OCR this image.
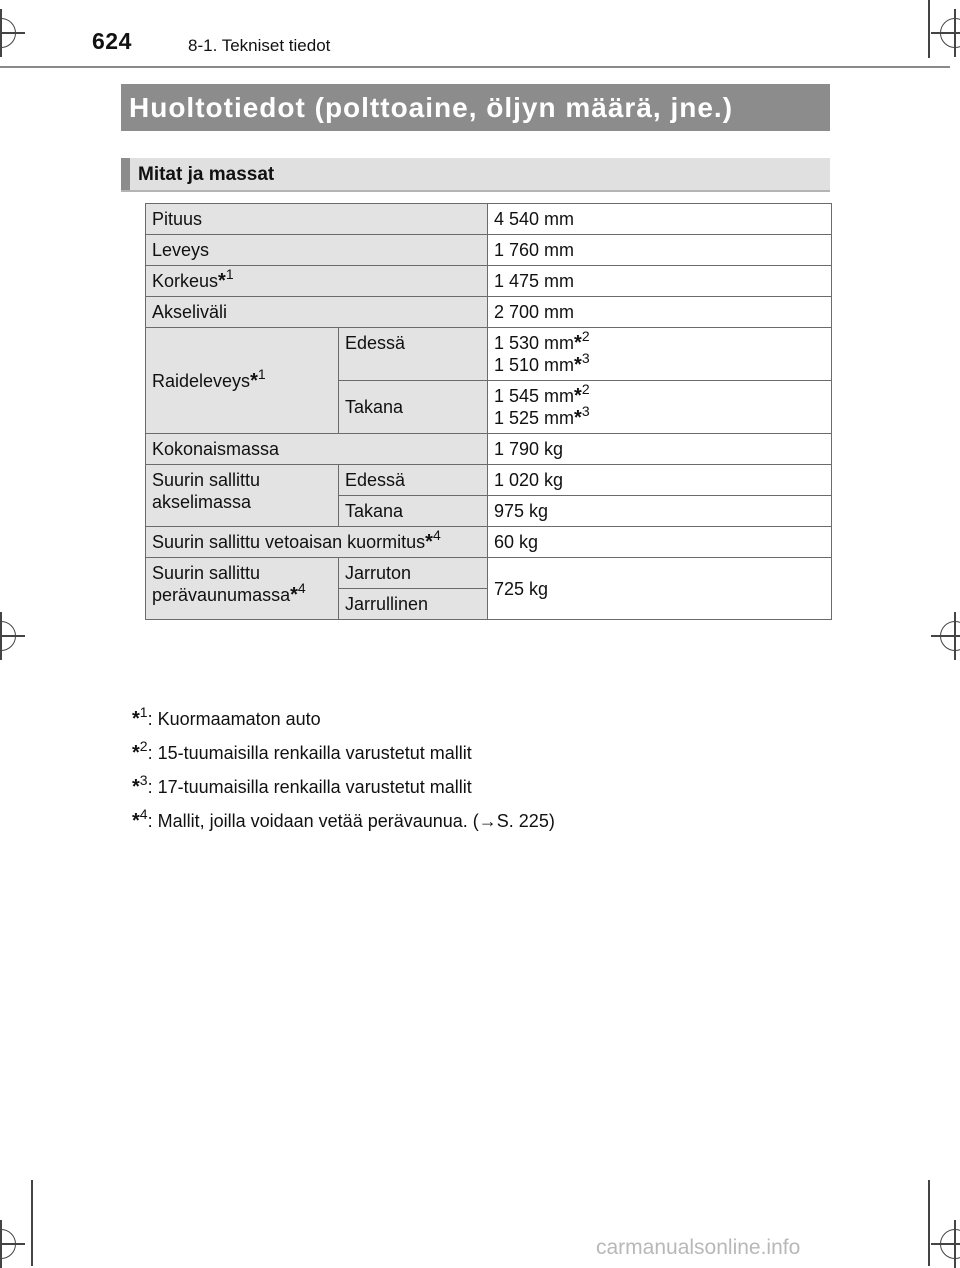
624	8-1. Tekniset tiedot
Huoltotiedot (polttoaine, öljyn määrä, jne.)
Mitat ja massat
Pituus		4 540 mm
Leveys		1 760 mm
Korkeus*$^1$		1 475 mm
Akseliväli		2 700 mm
Raideleveys*$^1$	Edessä	1 530 mm*$^2$
1 510 mm*$^3$

	Takana	1 545 mm*$^2$
1 525 mm*$^3$

Kokonaismassa		1 790 kg

Suurin sallittu
akselimassa	Edessä	1 020 kg
	Takana	975 kg
Suurin sallittu vetoaisan kuormitus*$^4$		60 kg

Suurin sallittu
perävaunumassa*$^4$	Jarruton	725 kg
	Jarrullinen	
*$^1$: Kuormaamaton auto
*$^2$: 15-tuumaisilla renkailla varustetut mallit
*$^3$: 17-tuumaisilla renkailla varustetut mallit
*$^4$: Mallit, joilla voidaan vetää perävaunua. (→S. 225)
carmanualsonline.info
